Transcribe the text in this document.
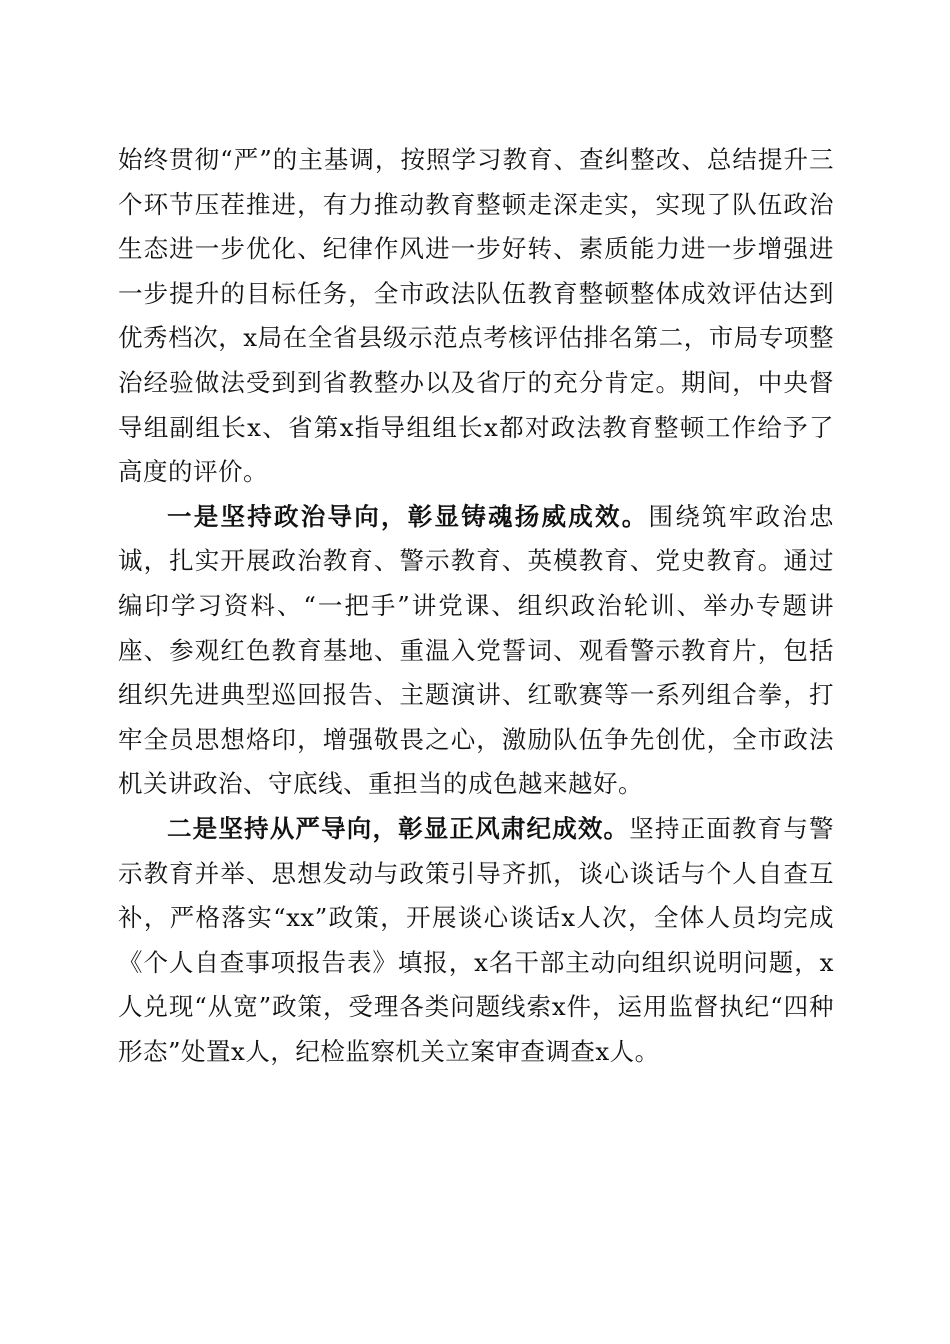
始终贯彻“严”的主基调，按照学习教育、查纠整改、总结提升三个环节压茬推进，有力推动教育整顿走深走实，实现了队伍政治生态进一步优化、纪律作风进一步好转、素质能力进一步增强进一步提升的目标任务，全市政法队伍教育整顿整体成效评估达到优秀档次，x局在全省县级示范点考核评估排名第二，市局专项整治经验做法受到到省教整办以及省厅的充分肯定。期间，中央督导组副组长x、省第x指导组组长x都对政法教育整顿工作给予了高度的评价。

一是坚持政治导向，彰显铸魂扬威成效。围绕筑牢政治忠诚，扎实开展政治教育、警示教育、英模教育、党史教育。通过编印学习资料、“一把手”讲党课、组织政治轮训、举办专题讲座、参观红色教育基地、重温入党誓词、观看警示教育片，包括组织先进典型巡回报告、主题演讲、红歌赛等一系列组合拳，打牢全员思想烙印，增强敬畏之心，激励队伍争先创优，全市政法机关讲政治、守底线、重担当的成色越来越好。

二是坚持从严导向，彰显正风肃纪成效。坚持正面教育与警示教育并举、思想发动与政策引导齐抓，谈心谈话与个人自查互补，严格落实“xx”政策，开展谈心谈话x人次，全体人员均完成《个人自查事项报告表》填报，x名干部主动向组织说明问题，x人兑现“从宽”政策，受理各类问题线索x件，运用监督执纪“四种形态”处置x人，纪检监察机关立案审查调查x人。
